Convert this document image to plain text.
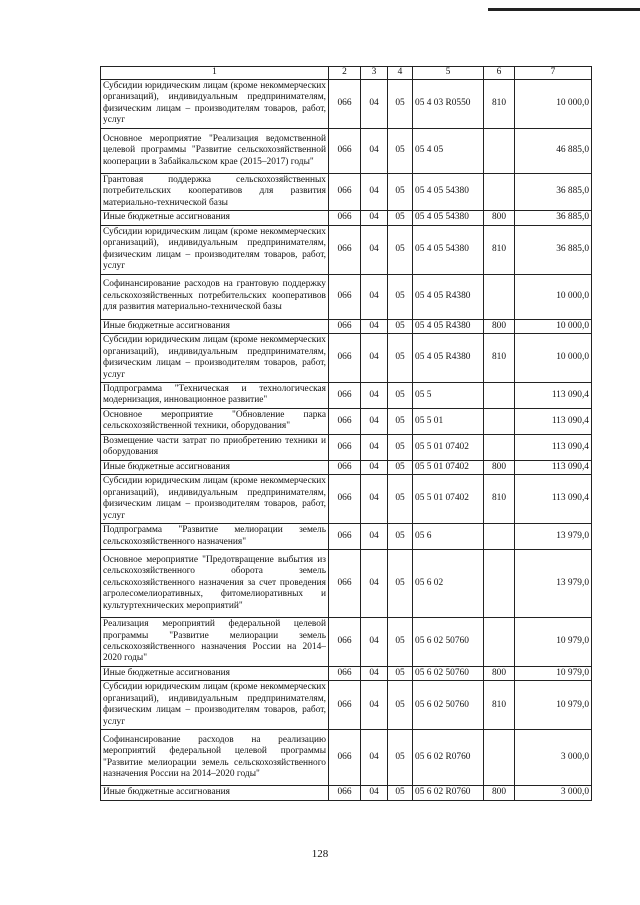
1	2	3	4	5	6	7
Субсидии юридическим лицам (кроме некоммерческих организаций), индивидуальным предпринимателям, физическим лицам – производителям товаров, работ, услуг	066	04	05	05 4 03 R0550	810	10 000,0
Основное мероприятие "Реализация ведомственной целевой программы "Развитие сельскохозяйственной кооперации в Забайкальском крае (2015–2017) годы"	066	04	05	05 4 05		46 885,0
Грантовая поддержка сельскохозяйственных потребительских кооперативов для развития материально-технической базы	066	04	05	05 4 05 54380		36 885,0
Иные бюджетные ассигнования	066	04	05	05 4 05 54380	800	36 885,0
Субсидии юридическим лицам (кроме некоммерческих организаций), индивидуальным предпринимателям, физическим лицам – производителям товаров, работ, услуг	066	04	05	05 4 05 54380	810	36 885,0
Софинансирование расходов на грантовую поддержку сельскохозяйственных потребительских кооперативов для развития материально-технической базы	066	04	05	05 4 05 R4380		10 000,0
Иные бюджетные ассигнования	066	04	05	05 4 05 R4380	800	10 000,0
Субсидии юридическим лицам (кроме некоммерческих организаций), индивидуальным предпринимателям, физическим лицам – производителям товаров, работ, услуг	066	04	05	05 4 05 R4380	810	10 000,0
Подпрограмма "Техническая и технологическая модернизация, инновационное развитие"	066	04	05	05 5		113 090,4
Основное мероприятие "Обновление парка сельскохозяйственной техники, оборудования"	066	04	05	05 5 01		113 090,4
Возмещение части затрат по приобретению техники и оборудования	066	04	05	05 5 01 07402		113 090,4
Иные бюджетные ассигнования	066	04	05	05 5 01 07402	800	113 090,4
Субсидии юридическим лицам (кроме некоммерческих организаций), индивидуальным предпринимателям, физическим лицам – производителям товаров, работ, услуг	066	04	05	05 5 01 07402	810	113 090,4
Подпрограмма "Развитие мелиорации земель сельскохозяйственного назначения"	066	04	05	05 6		13 979,0
Основное мероприятие "Предотвращение выбытия из сельскохозяйственного оборота земель сельскохозяйственного назначения за счет проведения агролесомелиоративных, фитомелиоративных и культуртехнических мероприятий"	066	04	05	05 6 02		13 979,0
Реализация мероприятий федеральной целевой программы "Развитие мелиорации земель сельскохозяйственного назначения России на 2014–2020 годы"	066	04	05	05 6 02 50760		10 979,0
Иные бюджетные ассигнования	066	04	05	05 6 02 50760	800	10 979,0
Субсидии юридическим лицам (кроме некоммерческих организаций), индивидуальным предпринимателям, физическим лицам – производителям товаров, работ, услуг	066	04	05	05 6 02 50760	810	10 979,0
Софинансирование расходов на реализацию мероприятий федеральной целевой программы "Развитие мелиорации земель сельскохозяйственного назначения России на 2014–2020 годы"	066	04	05	05 6 02 R0760		3 000,0
Иные бюджетные ассигнования	066	04	05	05 6 02 R0760	800	3 000,0
128
